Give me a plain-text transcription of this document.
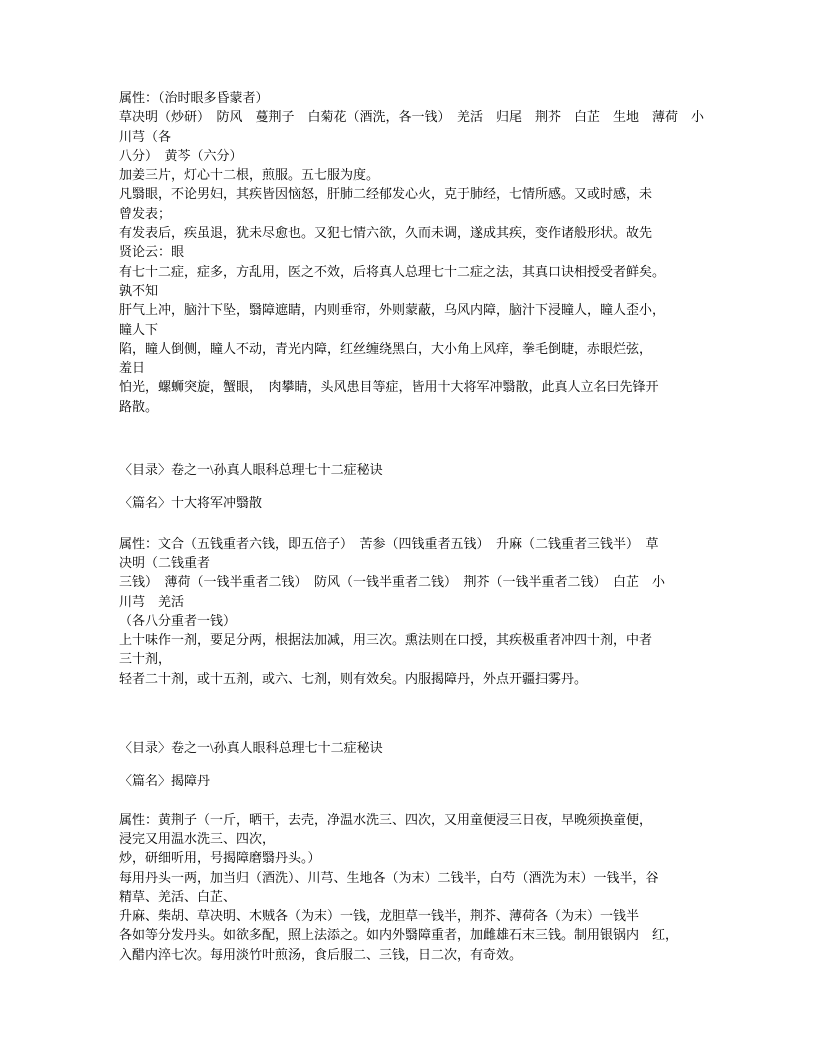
属性：（治时眼多昏蒙者）
草决明（炒研）　防风　蔓荆子　白菊花（酒洗，各一钱）　羌活　归尾　荆芥　白芷　生地　薄荷　小
川芎（各
八分）　黄芩（六分）
加姜三片，灯心十二根，煎服。五七服为度。
凡翳眼，不论男妇，其疾皆因恼怒，肝肺二经郁发心火，克于肺经，七情所感。又或时感，未
曾发表；
有发表后，疾虽退，犹未尽愈也。又犯七情六欲，久而未调，遂成其疾，变作诸般形状。故先
贤论云：眼
有七十二症，症多，方乱用，医之不效，后将真人总理七十二症之法，其真口诀相授受者鲜矣。
孰不知
肝气上冲，脑汁下坠，翳障遮睛，内则垂帘，外则蒙蔽，乌风内障，脑汁下浸瞳人，瞳人歪小，
瞳人下
陷，瞳人倒侧，瞳人不动，青光内障，红丝缠绕黑白，大小角上风痒，拳毛倒睫，赤眼烂弦，
羞日
怕光，螺蛳突旋，蟹眼，　肉攀睛，头风患目等症，皆用十大将军冲翳散，此真人立名曰先锋开
路散。
〈目录〉卷之一\孙真人眼科总理七十二症秘诀
〈篇名〉十大将军冲翳散
属性：文合（五钱重者六钱，即五倍子）　苦参（四钱重者五钱）　升麻（二钱重者三钱半）　草
决明（二钱重者
三钱）　薄荷（一钱半重者二钱）　防风（一钱半重者二钱）　荆芥（一钱半重者二钱）　白芷　小
川芎　羌活
（各八分重者一钱）
上十味作一剂，要足分两，根据法加减，用三次。熏法则在口授，其疾极重者冲四十剂，中者
三十剂，
轻者二十剂，或十五剂，或六、七剂，则有效矣。内服揭障丹，外点开疆扫雾丹。
〈目录〉卷之一\孙真人眼科总理七十二症秘诀
〈篇名〉揭障丹
属性：黄荆子（一斤，晒干，去壳，净温水洗三、四次，又用童便浸三日夜，早晚须换童便，
浸完又用温水洗三、四次，
炒，研细听用，号揭障磨翳丹头。）
每用丹头一两，加当归（酒洗）、川芎、生地各（为末）二钱半，白芍（酒洗为末）一钱半，谷
精草、羌活、白芷、
升麻、柴胡、草决明、木贼各（为末）一钱，龙胆草一钱半，荆芥、薄荷各（为末）一钱半
各如等分发丹头。如欲多配，照上法添之。如内外翳障重者，加雌雄石末三钱。制用银锅内　红，
入醋内淬七次。每用淡竹叶煎汤，食后服二、三钱，日二次，有奇效。
